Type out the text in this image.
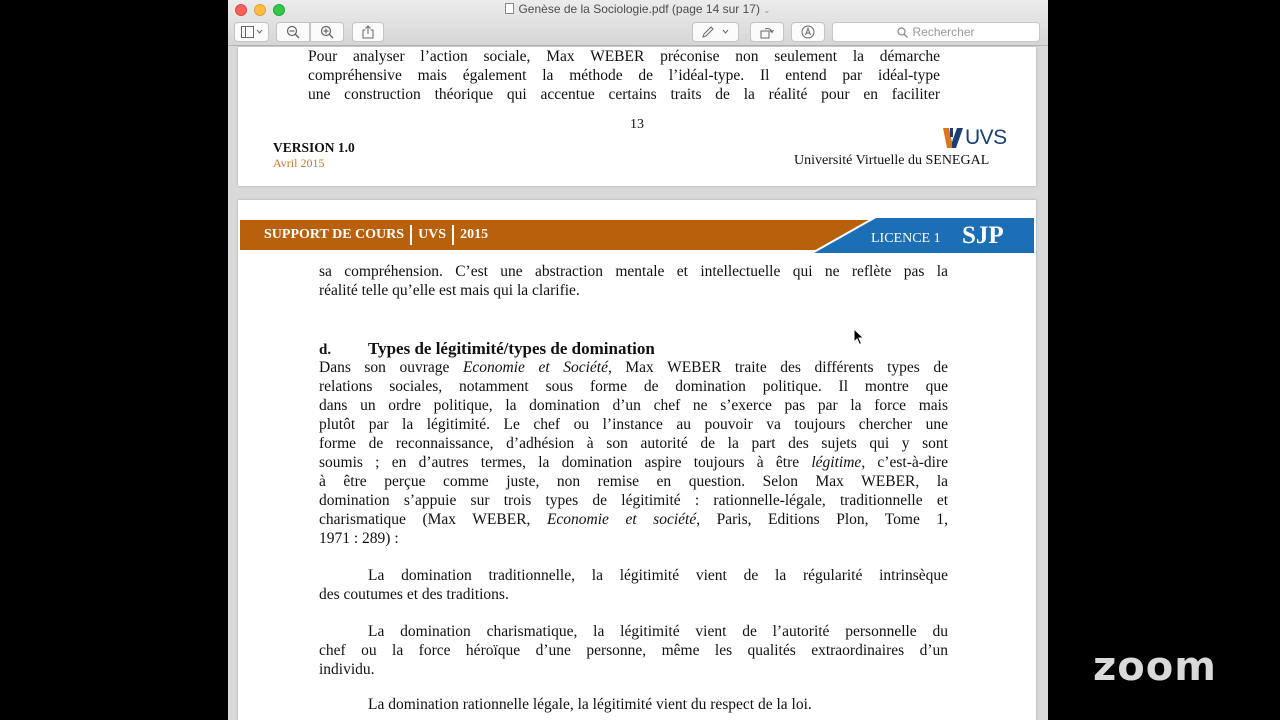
Genèse de la Sociologie.pdf (page 14 sur 17) ⌄
Rechercher
Pour analyser l’action sociale, Max WEBER préconise non seulement la démarche
compréhensive mais également la méthode de l’idéal-type. Il entend par idéal-type
une construction théorique qui accentue certains traits de la réalité pour en faciliter
13
VERSION 1.0
Avril 2015
UVS
Université Virtuelle du SENEGAL
SUPPORT DE COURS UVS 2015	LICENCE 1 SJP
sa compréhension. C’est une abstraction mentale et intellectuelle qui ne reflète pas la
réalité telle qu’elle est mais qui la clarifie.
d. Types de légitimité/types de domination
Dans son ouvrage Economie et Société, Max WEBER traite des différents types de
relations sociales, notamment sous forme de domination politique. Il montre que
dans un ordre politique, la domination d’un chef ne s’exerce pas par la force mais
plutôt par la légitimité. Le chef ou l’instance au pouvoir va toujours chercher une
forme de reconnaissance, d’adhésion à son autorité de la part des sujets qui y sont
soumis ; en d’autres termes, la domination aspire toujours à être légitime, c’est-à-dire
à être perçue comme juste, non remise en question. Selon Max WEBER, la
domination s’appuie sur trois types de légitimité : rationnelle-légale, traditionnelle et
charismatique (Max WEBER, Economie et société, Paris, Editions Plon, Tome 1,
1971 : 289) :
La domination traditionnelle, la légitimité vient de la régularité intrinsèque
des coutumes et des traditions.
La domination charismatique, la légitimité vient de l’autorité personnelle du
chef ou la force héroïque d’une personne, même les qualités extraordinaires d’un
individu.
La domination rationnelle légale, la légitimité vient du respect de la loi.
zoom
